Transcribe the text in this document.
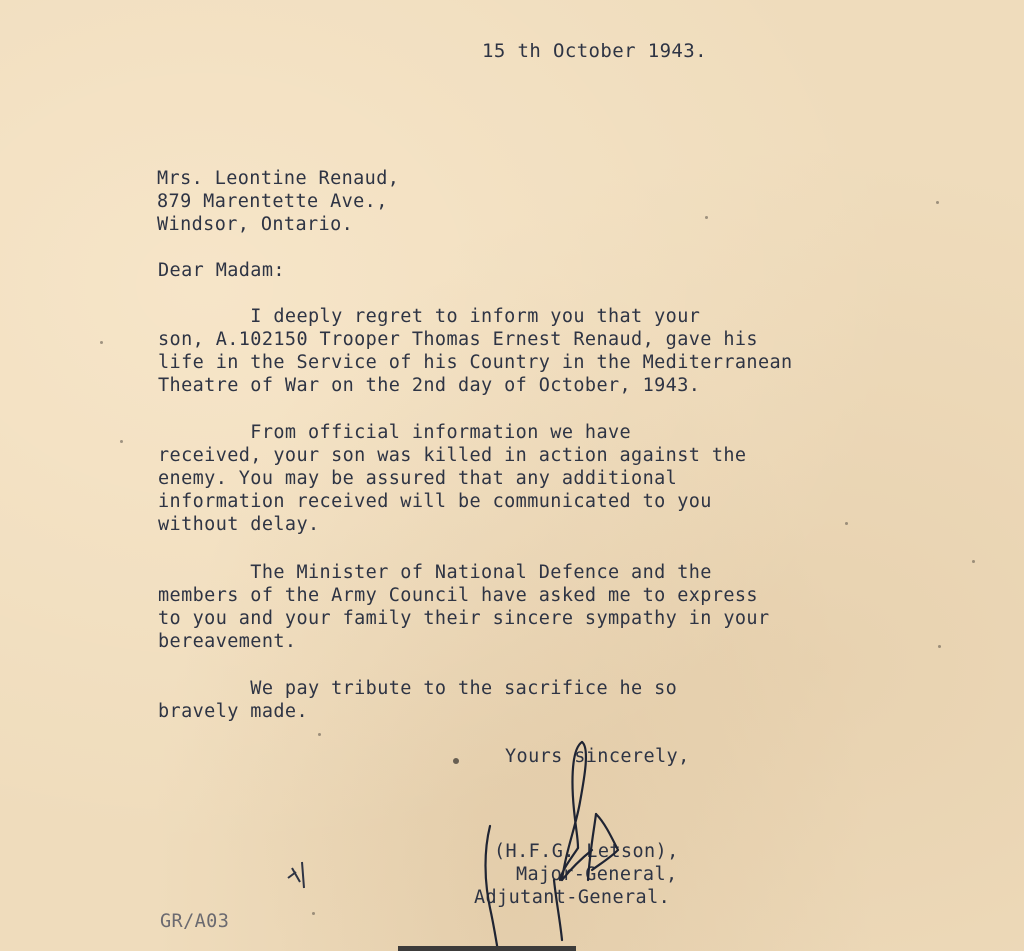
15 th October 1943.
Mrs. Leontine Renaud,
879 Marentette Ave.,
Windsor, Ontario.
Dear Madam:
I deeply regret to inform you that your
son, A.102150 Trooper Thomas Ernest Renaud, gave his
life in the Service of his Country in the Mediterranean
Theatre of War on the 2nd day of October, 1943.
From official information we have
received, your son was killed in action against the
enemy. You may be assured that any additional
information received will be communicated to you
without delay.
The Minister of National Defence and the
members of the Army Council have asked me to express
to you and your family their sincere sympathy in your
bereavement.
We pay tribute to the sacrifice he so
bravely made.
Yours sincerely,
(H.F.G. Letson),
Major-General,
Adjutant-General.
GR/A03
